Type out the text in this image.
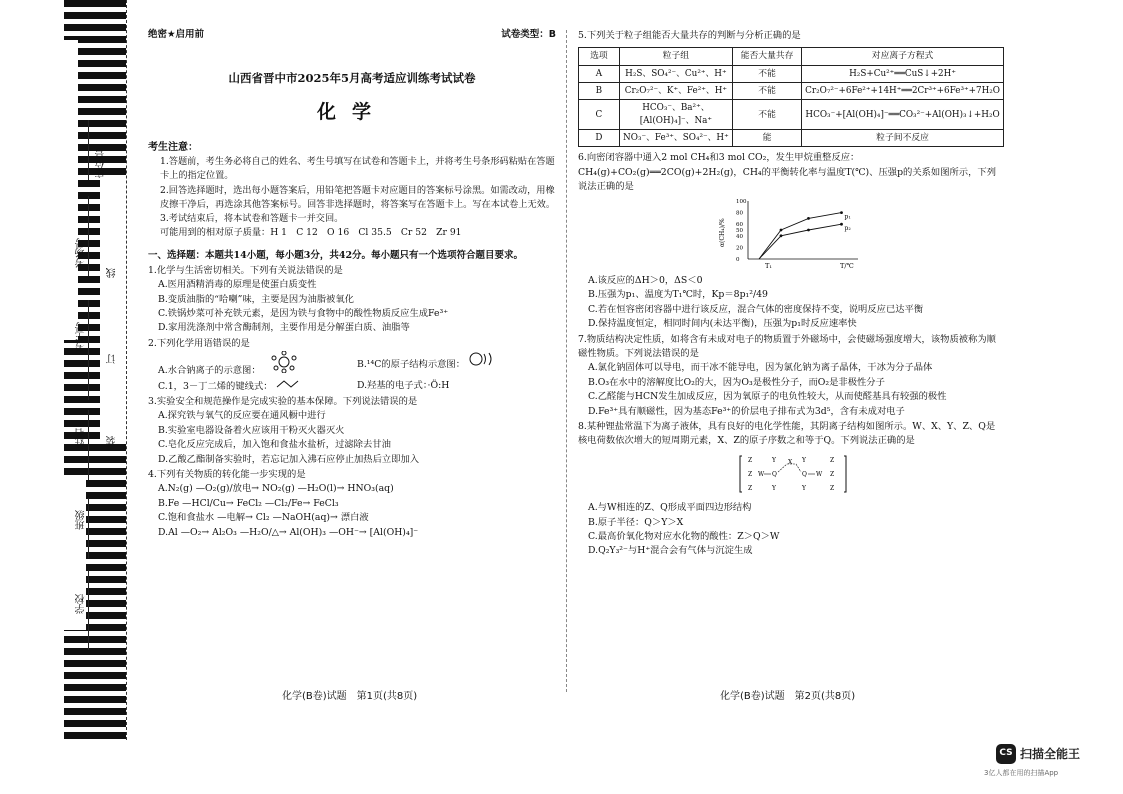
线
订
装
座位号
考场号
考生号
姓名
班级
学校
绝密★启用前	试卷类型：B
山西省晋中市2025年5月高考适应训练考试试卷
化学
考生注意：

1.答题前，考生务必将自己的姓名、考生号填写在试卷和答题卡上，并将考生号条形码粘贴在答题卡上的指定位置。

2.回答选择题时，选出每小题答案后，用铅笔把答题卡对应题目的答案标号涂黑。如需改动，用橡皮擦干净后，再选涂其他答案标号。回答非选择题时，将答案写在答题卡上。写在本试卷上无效。

3.考试结束后，将本试卷和答题卡一并交回。

可能用到的相对原子质量：H 1　C 12　O 16　Cl 35.5　Cr 52　Zr 91

一、选择题：本题共14小题，每小题3分，共42分。每小题只有一个选项符合题目要求。
1.化学与生活密切相关。下列有关说法错误的是
A.医用酒精消毒的原理是使蛋白质变性
B.变质油脂的“哈喇”味，主要是因为油脂被氧化
C.铁锅炒菜可补充铁元素，是因为铁与食物中的酸性物质反应生成Fe³⁺
D.家用洗涤剂中常含酶制剂，主要作用是分解蛋白质、油脂等
2.下列化学用语错误的是
A.水合钠离子的示意图：
B.¹⁴C的原子结构示意图：
C.1，3－丁二烯的键线式：	D.羟基的电子式：·Ö:H
3.实验安全和规范操作是完成实验的基本保障。下列说法错误的是
A.探究铁与氧气的反应要在通风橱中进行
B.实验室电器设备着火应该用干粉灭火器灭火
C.皂化反应完成后，加入饱和食盐水盐析，过滤除去甘油
D.乙酸乙酯制备实验时，若忘记加入沸石应停止加热后立即加入
4.下列有关物质的转化能一步实现的是
A.N₂(g) —O₂(g)/放电→ NO₂(g) —H₂O(l)→ HNO₃(aq)
B.Fe —HCl/Cu→ FeCl₂ —Cl₂/Fe→ FeCl₃
C.饱和食盐水 —电解→ Cl₂ —NaOH(aq)→ 漂白液
D.Al —O₂→ Al₂O₃ —H₂O/△→ Al(OH)₃ —OH⁻→ [Al(OH)₄]⁻
5.下列关于粒子组能否大量共存的判断与分析正确的是
选项	粒子组	能否大量共存	对应离子方程式
A	H₂S、SO₄²⁻、Cu²⁺、H⁺	不能	H₂S+Cu²⁺══CuS↓+2H⁺
B	Cr₂O₇²⁻、K⁺、Fe²⁺、H⁺	不能	Cr₂O₇²⁻+6Fe²⁺+14H⁺══2Cr³⁺+6Fe³⁺+7H₂O
C	HCO₃⁻、Ba²⁺、[Al(OH)₄]⁻、Na⁺	不能	HCO₃⁻+[Al(OH)₄]⁻══CO₃²⁻+Al(OH)₃↓+H₂O
D	NO₃⁻、Fe³⁺、SO₄²⁻、H⁺	能	粒子间不反应
6.向密闭容器中通入2 mol CH₄和3 mol CO₂，发生甲烷重整反应：CH₄(g)+CO₂(g)══2CO(g)+2H₂(g)，CH₄的平衡转化率与温度T(℃)、压强p的关系如图所示，下列说法正确的是
α(CH₄)/%
T/℃
T₁
0
20
40
50
60
80
100
p₁
p₂
A.该反应的ΔH＞0，ΔS＜0
B.压强为p₁、温度为T₁℃时，Kp＝8p₁²/49
C.若在恒容密闭容器中进行该反应，混合气体的密度保持不变，说明反应已达平衡
D.保持温度恒定，相同时间内(未达平衡)，压强为p₁时反应速率快
7.物质结构决定性质，如将含有未成对电子的物质置于外磁场中，会使磁场强度增大，该物质被称为顺磁性物质。下列说法错误的是
A.氯化钠固体可以导电，而干冰不能导电，因为氯化钠为离子晶体，干冰为分子晶体
B.O₃在水中的溶解度比O₂的大，因为O₃是极性分子，而O₂是非极性分子
C.乙醛能与HCN发生加成反应，因为氧原子的电负性较大，从而使醛基具有较强的极性
D.Fe³⁺具有顺磁性，因为基态Fe³⁺的价层电子排布式为3d⁵，含有未成对电子
8.某种锂盐常温下为离子液体，具有良好的电化学性能，其阴离子结构如图所示。W、X、Y、Z、Q是核电荷数依次增大的短周期元素，X、Z的原子序数之和等于Q。下列说法正确的是
Z
Z
Z
W Q
Y
Y
X
Q
Y
Y
W
Z
Z
Z
A.与W相连的Z、Q形成平面四边形结构
B.原子半径：Q＞Y＞X
C.最高价氧化物对应水化物的酸性：Z＞Q＞W
D.Q₂Y₃²⁻与H⁺混合会有气体与沉淀生成
化学(B卷)试题　第1页(共8页)	化学(B卷)试题　第2页(共8页)
CS 扫描全能王
3亿人都在用的扫描App
